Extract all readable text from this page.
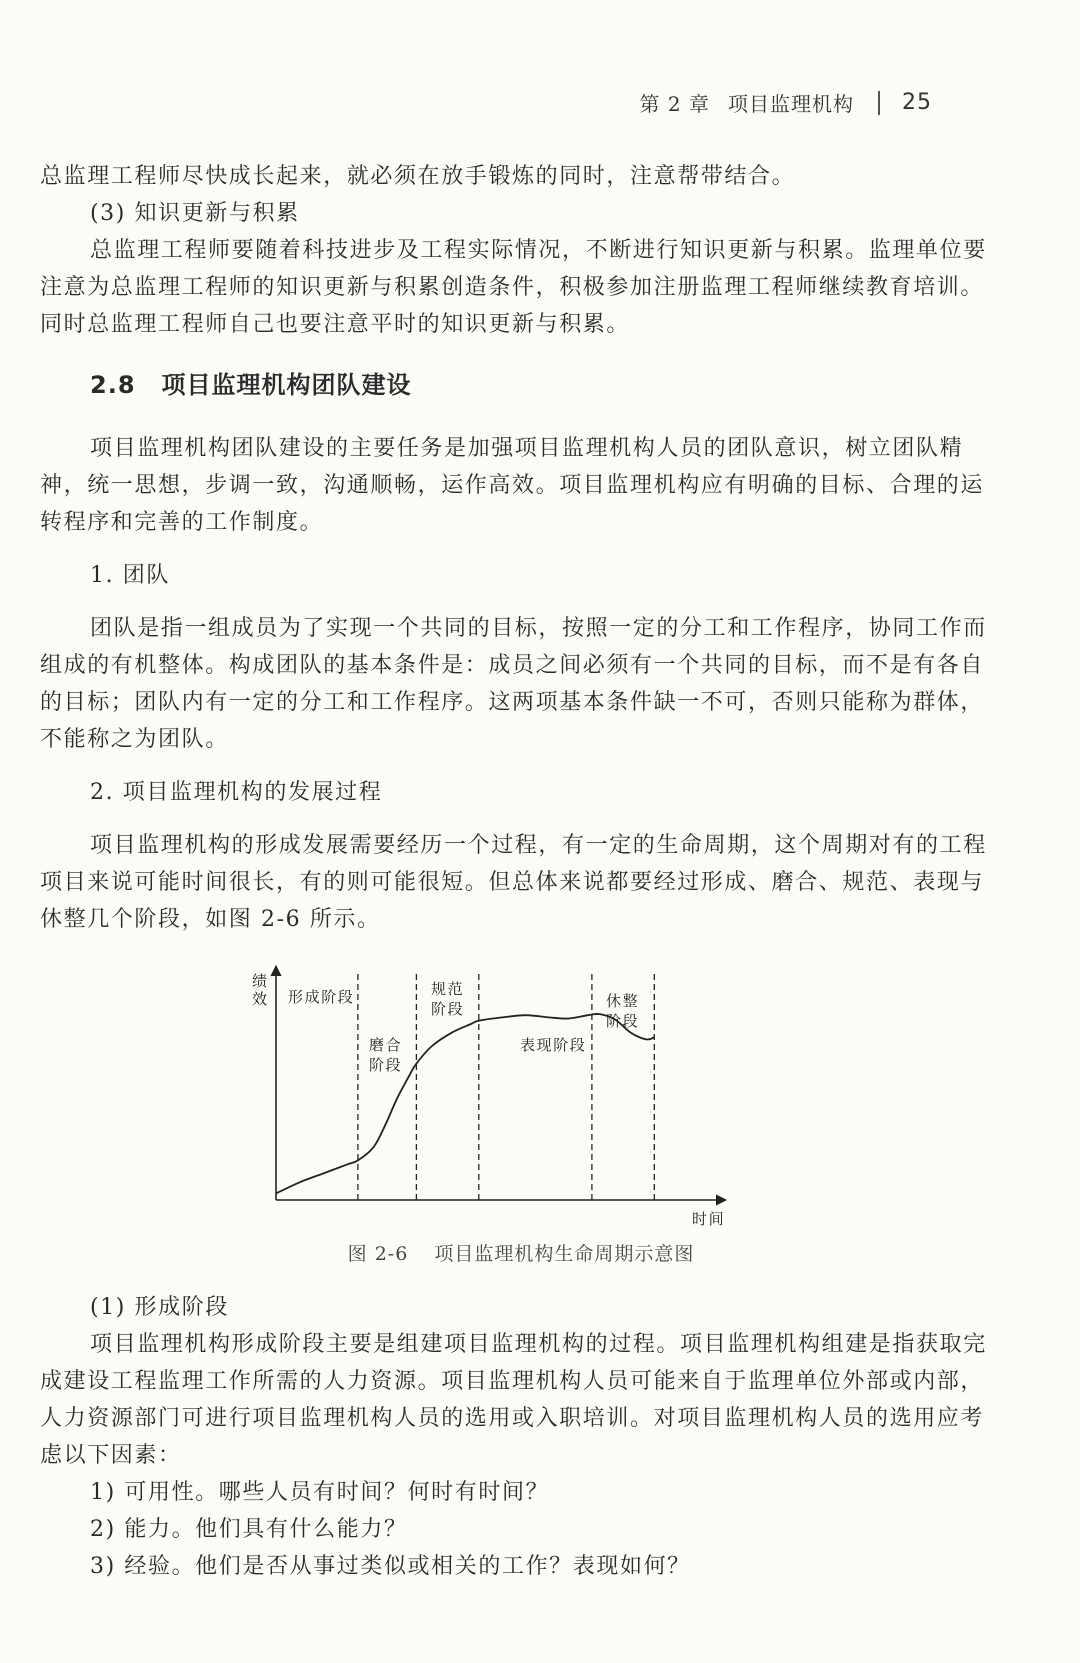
第 2 章 项目监理机构 25

总监理工程师尽快成长起来，就必须在放手锻炼的同时，注意帮带结合。

(3) 知识更新与积累

总监理工程师要随着科技进步及工程实际情况，不断进行知识更新与积累。监理单位要注意为总监理工程师的知识更新与积累创造条件，积极参加注册监理工程师继续教育培训。同时总监理工程师自己也要注意平时的知识更新与积累。

2.8 项目监理机构团队建设

项目监理机构团队建设的主要任务是加强项目监理机构人员的团队意识，树立团队精神，统一思想，步调一致，沟通顺畅，运作高效。项目监理机构应有明确的目标、合理的运转程序和完善的工作制度。

1. 团队

团队是指一组成员为了实现一个共同的目标，按照一定的分工和工作程序，协同工作而组成的有机整体。构成团队的基本条件是：成员之间必须有一个共同的目标，而不是有各自的目标；团队内有一定的分工和工作程序。这两项基本条件缺一不可，否则只能称为群体，不能称之为团队。

2. 项目监理机构的发展过程

项目监理机构的形成发展需要经历一个过程，有一定的生命周期，这个周期对有的工程项目来说可能时间很长，有的则可能很短。但总体来说都要经过形成、磨合、规范、表现与休整几个阶段，如图 2-6 所示。

绩
效
时间
形成阶段
磨合阶段
规范阶段
表现阶段
休整阶段

图 2-6 项目监理机构生命周期示意图

(1) 形成阶段

项目监理机构形成阶段主要是组建项目监理机构的过程。项目监理机构组建是指获取完成建设工程监理工作所需的人力资源。项目监理机构人员可能来自于监理单位外部或内部，人力资源部门可进行项目监理机构人员的选用或入职培训。对项目监理机构人员的选用应考虑以下因素：

1) 可用性。哪些人员有时间？何时有时间？

2) 能力。他们具有什么能力？

3) 经验。他们是否从事过类似或相关的工作？表现如何？
